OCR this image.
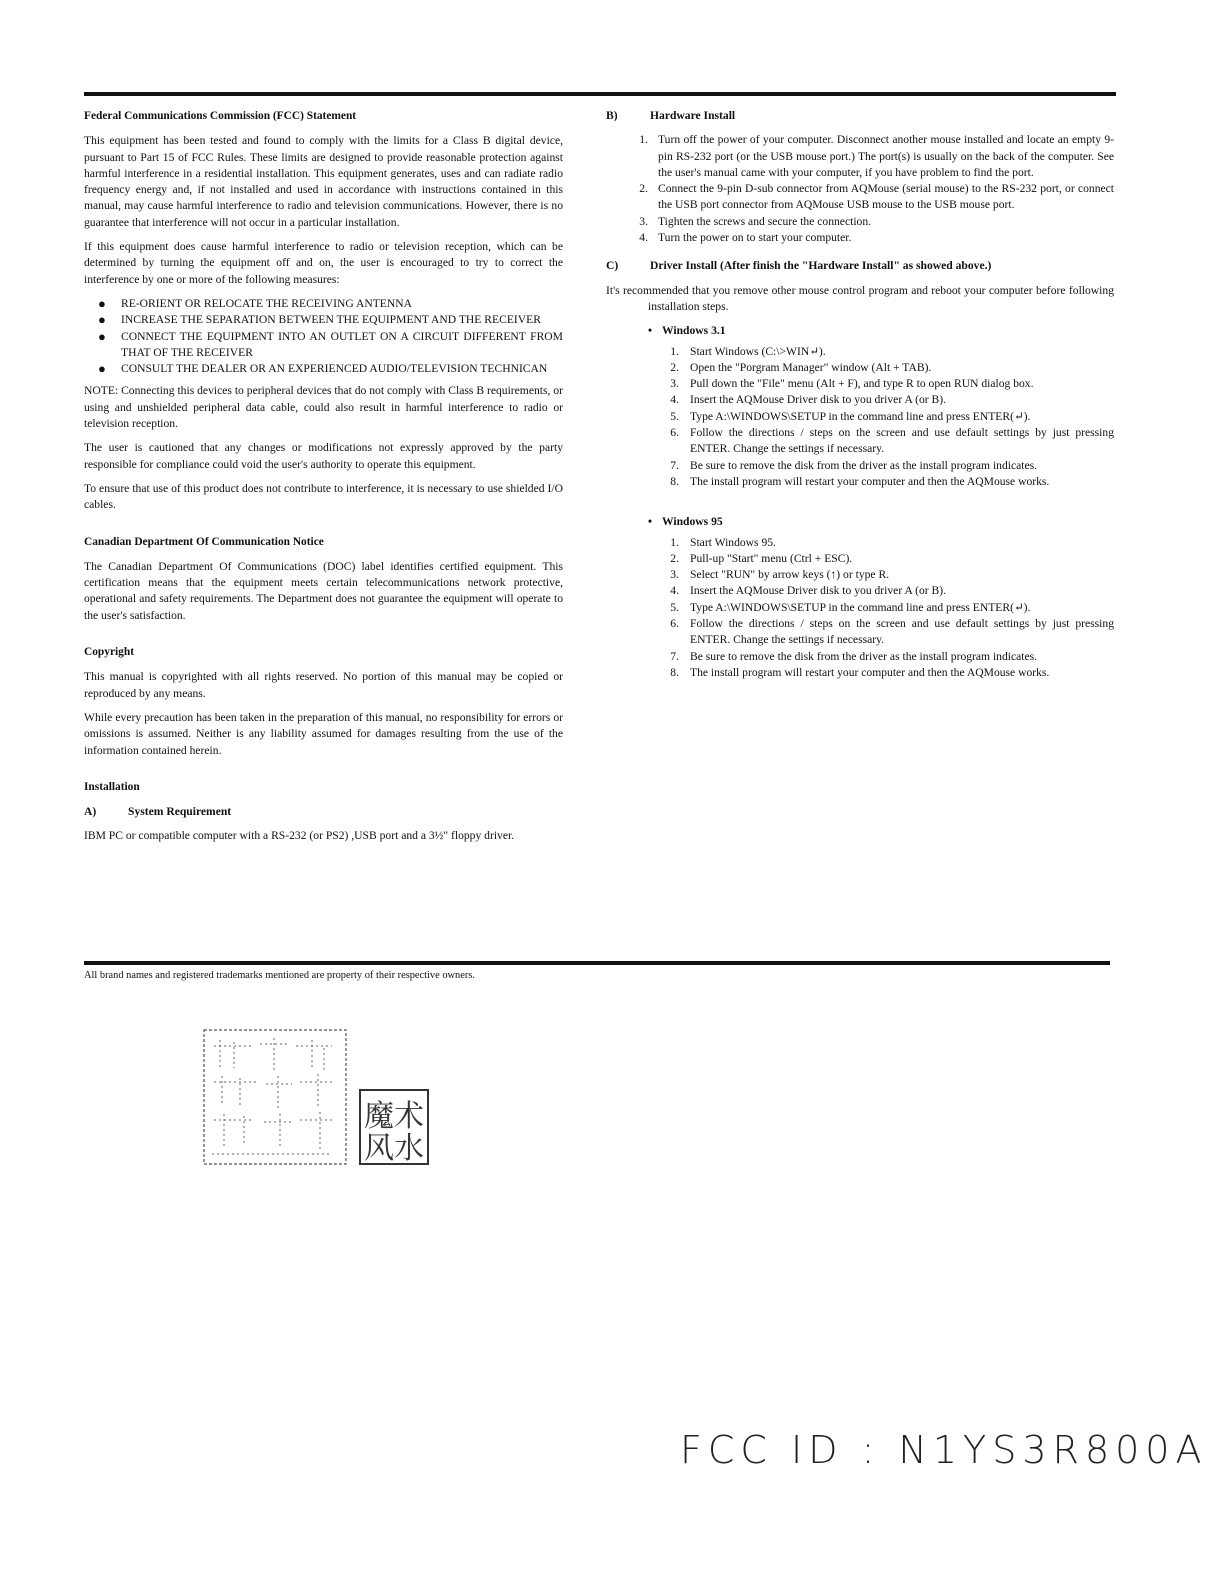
Federal Communications Commission (FCC) Statement

This equipment has been tested and found to comply with the limits for a Class B digital device, pursuant to Part 15 of FCC Rules. These limits are designed to provide reasonable protection against harmful interference in a residential installation. This equipment generates, uses and can radiate radio frequency energy and, if not installed and used in accordance with instructions contained in this manual, may cause harmful interference to radio and television communications. However, there is no guarantee that interference will not occur in a particular installation.

If this equipment does cause harmful interference to radio or television reception, which can be determined by turning the equipment off and on, the user is encouraged to try to correct the interference by one or more of the following measures:

● RE-ORIENT OR RELOCATE THE RECEIVING ANTENNA
● INCREASE THE SEPARATION BETWEEN THE EQUIPMENT AND THE RECEIVER
● CONNECT THE EQUIPMENT INTO AN OUTLET ON A CIRCUIT DIFFERENT FROM THAT OF THE RECEIVER
● CONSULT THE DEALER OR AN EXPERIENCED AUDIO/TELEVISION TECHNICAN

NOTE: Connecting this devices to peripheral devices that do not comply with Class B requirements, or using and unshielded peripheral data cable, could also result in harmful interference to radio or television reception.

The user is cautioned that any changes or modifications not expressly approved by the party responsible for compliance could void the user's authority to operate this equipment.

To ensure that use of this product does not contribute to interference, it is necessary to use shielded I/O cables.

Canadian Department Of Communication Notice

The Canadian Department Of Communications (DOC) label identifies certified equipment. This certification means that the equipment meets certain telecommunications network protective, operational and safety requirements. The Department does not guarantee the equipment will operate to the user's satisfaction.

Copyright

This manual is copyrighted with all rights reserved. No portion of this manual may be copied or reproduced by any means.

While every precaution has been taken in the preparation of this manual, no responsibility for errors or omissions is assumed. Neither is any liability assumed for damages resulting from the use of the information contained herein.

Installation
A)	System Requirement

IBM PC or compatible computer with a RS-232 (or PS2) ,USB port and a 3½" floppy driver.

B)	Hardware Install
1. Turn off the power of your computer. Disconnect another mouse installed and locate an empty 9-pin RS-232 port (or the USB mouse port.) The port(s) is usually on the back of the computer. See the user's manual came with your computer, if you have problem to find the port.
2. Connect the 9-pin D-sub connector from AQMouse (serial mouse) to the RS-232 port, or connect the USB port connector from AQMouse USB mouse to the USB mouse port.
3. Tighten the screws and secure the connection.
4. Turn the power on to start your computer.
C)	Driver Install (After finish the "Hardware Install" as showed above.)

It's recommended that you remove other mouse control program and reboot your computer before following installation steps.

• Windows 3.1
1. Start Windows (C:\>WIN↵).
2. Open the "Porgram Manager" window (Alt + TAB).
3. Pull down the "File" menu (Alt + F), and type R to open RUN dialog box.
4. Insert the AQMouse Driver disk to you driver A (or B).
5. Type A:\WINDOWS\SETUP in the command line and press ENTER(↵).
6. Follow the directions / steps on the screen and use default settings by just pressing ENTER. Change the settings if necessary.
7. Be sure to remove the disk from the driver as the install program indicates.
8. The install program will restart your computer and then the AQMouse works.
• Windows 95
1. Start Windows 95.
2. Pull-up "Start" menu (Ctrl + ESC).
3. Select "RUN" by arrow keys (↑) or type R.
4. Insert the AQMouse Driver disk to you driver A (or B).
5. Type A:\WINDOWS\SETUP in the command line and press ENTER(↵).
6. Follow the directions / steps on the screen and use default settings by just pressing ENTER. Change the settings if necessary.
7. Be sure to remove the disk from the driver as the install program indicates.
8. The install program will restart your computer and then the AQMouse works.
All brand names and registered trademarks mentioned are property of their respective owners.
魔术
风水
FCC ID : N1YS3R800A
